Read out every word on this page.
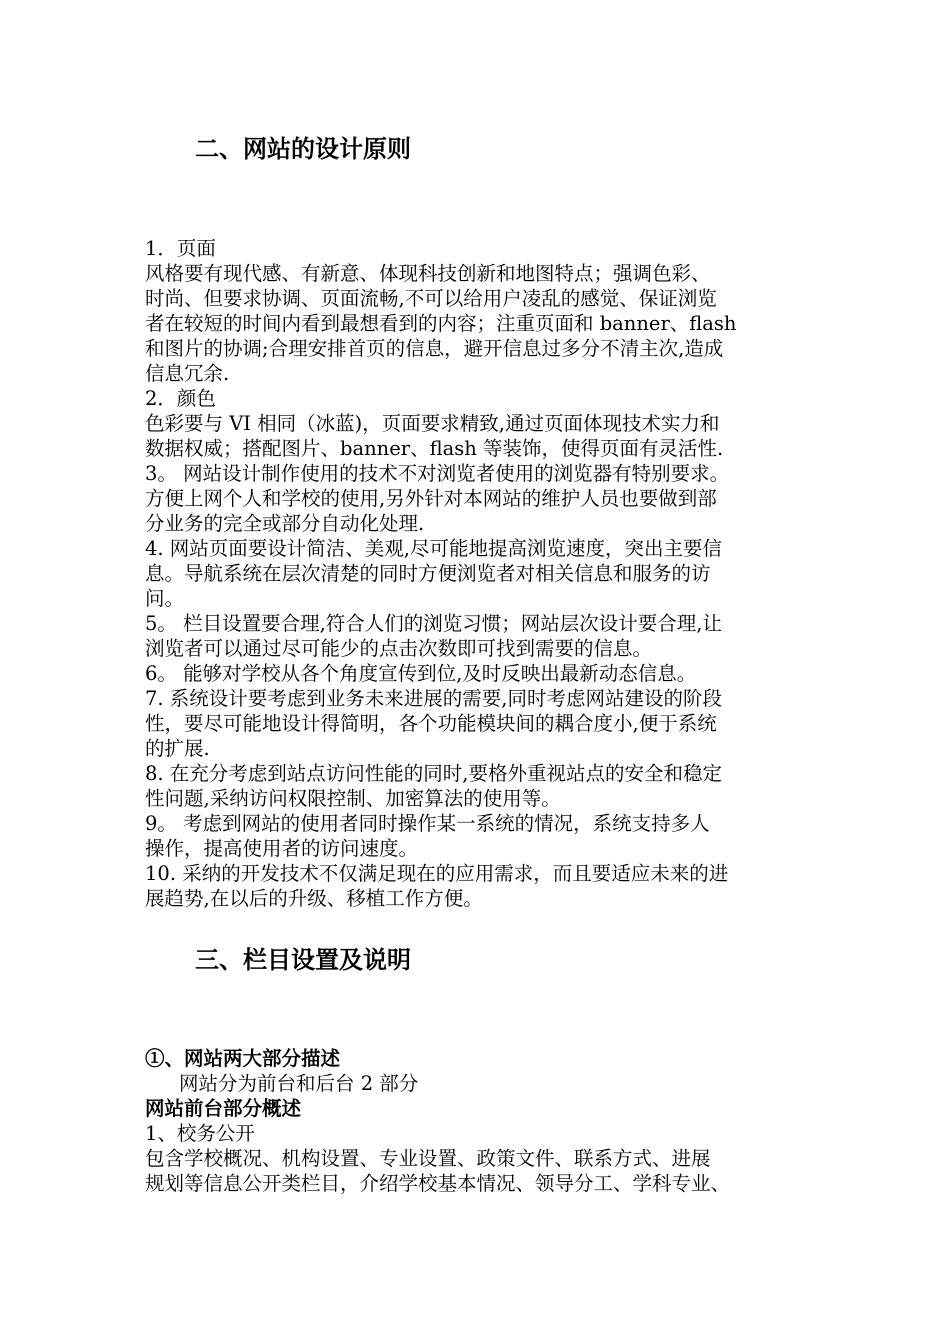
二、网站的设计原则
1．页面
风格要有现代感、有新意、体现科技创新和地图特点；强调色彩、
时尚、但要求协调、页面流畅,不可以给用户凌乱的感觉、保证浏览
者在较短的时间内看到最想看到的内容；注重页面和 banner、flash
和图片的协调;合理安排首页的信息，避开信息过多分不清主次,造成
信息冗余.
2．颜色
色彩要与 VI 相同（冰蓝)，页面要求精致,通过页面体现技术实力和
数据权威；搭配图片、banner、flash 等装饰，使得页面有灵活性.
3。 网站设计制作使用的技术不对浏览者使用的浏览器有特别要求。
方便上网个人和学校的使用,另外针对本网站的维护人员也要做到部
分业务的完全或部分自动化处理.
4. 网站页面要设计简洁、美观,尽可能地提高浏览速度，突出主要信
息。导航系统在层次清楚的同时方便浏览者对相关信息和服务的访
问。
5。 栏目设置要合理,符合人们的浏览习惯；网站层次设计要合理,让
浏览者可以通过尽可能少的点击次数即可找到需要的信息。
6。 能够对学校从各个角度宣传到位,及时反映出最新动态信息。
7. 系统设计要考虑到业务未来进展的需要,同时考虑网站建设的阶段
性，要尽可能地设计得简明，各个功能模块间的耦合度小,便于系统
的扩展.
8. 在充分考虑到站点访问性能的同时,要格外重视站点的安全和稳定
性问题,采纳访问权限控制、加密算法的使用等。
9。 考虑到网站的使用者同时操作某一系统的情况，系统支持多人
操作，提高使用者的访问速度。
10. 采纳的开发技术不仅满足现在的应用需求，而且要适应未来的进
展趋势,在以后的升级、移植工作方便。
三、栏目设置及说明
①、网站两大部分描述
网站分为前台和后台 2 部分
网站前台部分概述
1、校务公开
包含学校概况、机构设置、专业设置、政策文件、联系方式、进展
规划等信息公开类栏目，介绍学校基本情况、领导分工、学科专业、
